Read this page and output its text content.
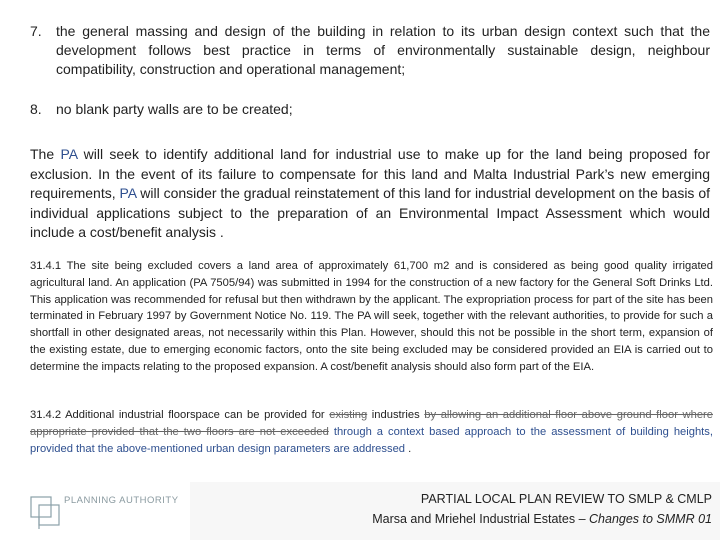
7. the general massing and design of the building in relation to its urban design context such that the development follows best practice in terms of environmentally sustainable design, neighbour compatibility, construction and operational management;
8. no blank party walls are to be created;
The PA will seek to identify additional land for industrial use to make up for the land being proposed for exclusion. In the event of its failure to compensate for this land and Malta Industrial Park’s new emerging requirements, PA will consider the gradual reinstatement of this land for industrial development on the basis of individual applications subject to the preparation of an Environmental Impact Assessment which would include a cost/benefit analysis .
31.4.1 The site being excluded covers a land area of approximately 61,700 m2 and is considered as being good quality irrigated agricultural land. An application (PA 7505/94) was submitted in 1994 for the construction of a new factory for the General Soft Drinks Ltd. This application was recommended for refusal but then withdrawn by the applicant. The expropriation process for part of the site has been terminated in February 1997 by Government Notice No. 119. The PA will seek, together with the relevant authorities, to provide for such a shortfall in other designated areas, not necessarily within this Plan. However, should this not be possible in the short term, expansion of the existing estate, due to emerging economic factors, onto the site being excluded may be considered provided an EIA is carried out to determine the impacts relating to the proposed expansion. A cost/benefit analysis should also form part of the EIA.
31.4.2 Additional industrial floorspace can be provided for existing industries by allowing an additional floor above ground floor where appropriate provided that the two floors are not exceeded through a context based approach to the assessment of building heights, provided that the above-mentioned urban design parameters are addressed .
PLANNING AUTHORITY	PARTIAL LOCAL PLAN REVIEW TO SMLP & CMLP
Marsa and Mriehel Industrial Estates – Changes to SMMR 01
